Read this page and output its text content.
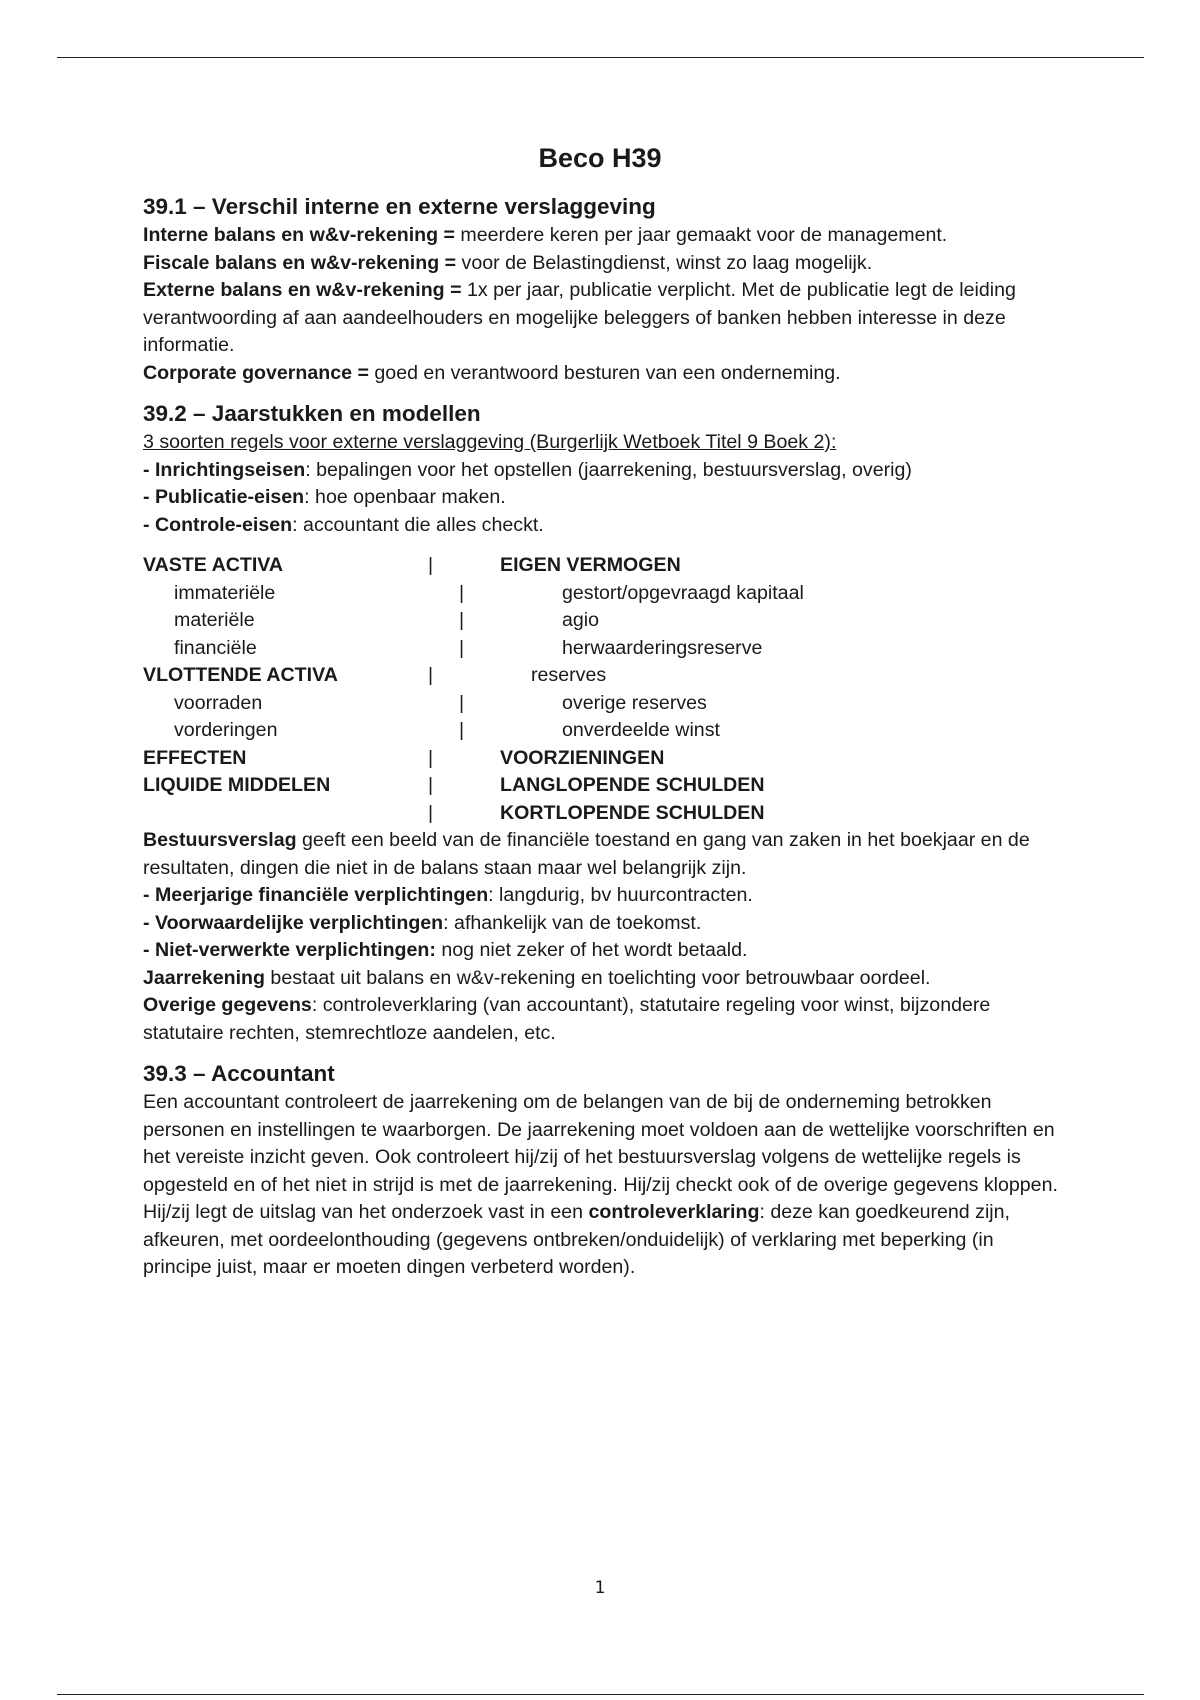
Beco H39
39.1 – Verschil interne en externe verslaggeving

Interne balans en w&v-rekening = meerdere keren per jaar gemaakt voor de management.

Fiscale balans en w&v-rekening = voor de Belastingdienst, winst zo laag mogelijk.

Externe balans en w&v-rekening = 1x per jaar, publicatie verplicht. Met de publicatie legt de leiding verantwoording af aan aandeelhouders en mogelijke beleggers of banken hebben interesse in deze informatie.

Corporate governance = goed en verantwoord besturen van een onderneming.

39.2 – Jaarstukken en modellen

3 soorten regels voor externe verslaggeving (Burgerlijk Wetboek Titel 9 Boek 2):

- Inrichtingseisen: bepalingen voor het opstellen (jaarrekening, bestuursverslag, overig)

- Publicatie-eisen: hoe openbaar maken.

- Controle-eisen: accountant die alles checkt.

VASTE ACTIVA	|	EIGEN VERMOGEN
immateriële	|	gestort/opgevraagd kapitaal
materiële	|	agio
financiële	|	herwaarderingsreserve
VLOTTENDE ACTIVA	|	reserves
voorraden	|	overige reserves
vorderingen	|	onverdeelde winst
EFFECTEN	|	VOORZIENINGEN
LIQUIDE MIDDELEN	|	LANGLOPENDE SCHULDEN
|	KORTLOPENDE SCHULDEN

Bestuursverslag geeft een beeld van de financiële toestand en gang van zaken in het boekjaar en de resultaten, dingen die niet in de balans staan maar wel belangrijk zijn.

- Meerjarige financiële verplichtingen: langdurig, bv huurcontracten.

- Voorwaardelijke verplichtingen: afhankelijk van de toekomst.

- Niet-verwerkte verplichtingen: nog niet zeker of het wordt betaald.

Jaarrekening bestaat uit balans en w&v-rekening en toelichting voor betrouwbaar oordeel.

Overige gegevens: controleverklaring (van accountant), statutaire regeling voor winst, bijzondere statutaire rechten, stemrechtloze aandelen, etc.

39.3 – Accountant

Een accountant controleert de jaarrekening om de belangen van de bij de onderneming betrokken personen en instellingen te waarborgen. De jaarrekening moet voldoen aan de wettelijke voorschriften en het vereiste inzicht geven. Ook controleert hij/zij of het bestuursverslag volgens de wettelijke regels is opgesteld en of het niet in strijd is met de jaarrekening. Hij/zij checkt ook of de overige gegevens kloppen. Hij/zij legt de uitslag van het onderzoek vast in een controleverklaring: deze kan goedkeurend zijn, afkeuren, met oordeelonthouding (gegevens ontbreken/onduidelijk) of verklaring met beperking (in principe juist, maar er moeten dingen verbeterd worden).

1
